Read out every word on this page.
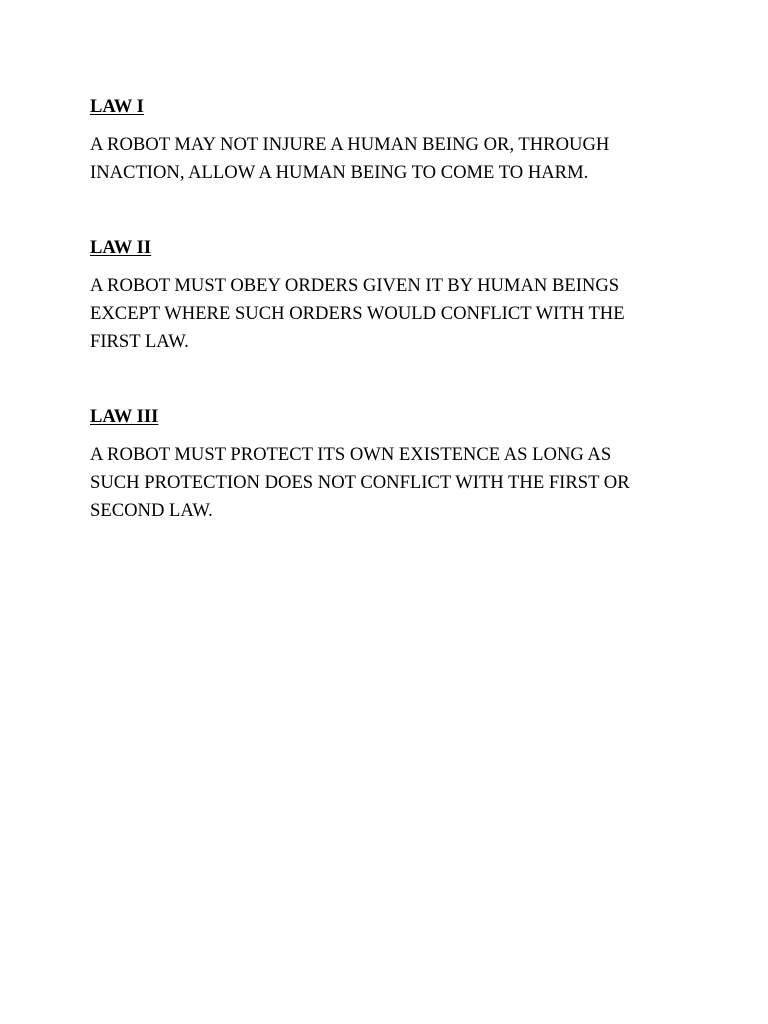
LAW I

A ROBOT MAY NOT INJURE A HUMAN BEING OR, THROUGH
INACTION, ALLOW A HUMAN BEING TO COME TO HARM.

LAW II

A ROBOT MUST OBEY ORDERS GIVEN IT BY HUMAN BEINGS
EXCEPT WHERE SUCH ORDERS WOULD CONFLICT WITH THE
FIRST LAW.

LAW III

A ROBOT MUST PROTECT ITS OWN EXISTENCE AS LONG AS
SUCH PROTECTION DOES NOT CONFLICT WITH THE FIRST OR
SECOND LAW.
